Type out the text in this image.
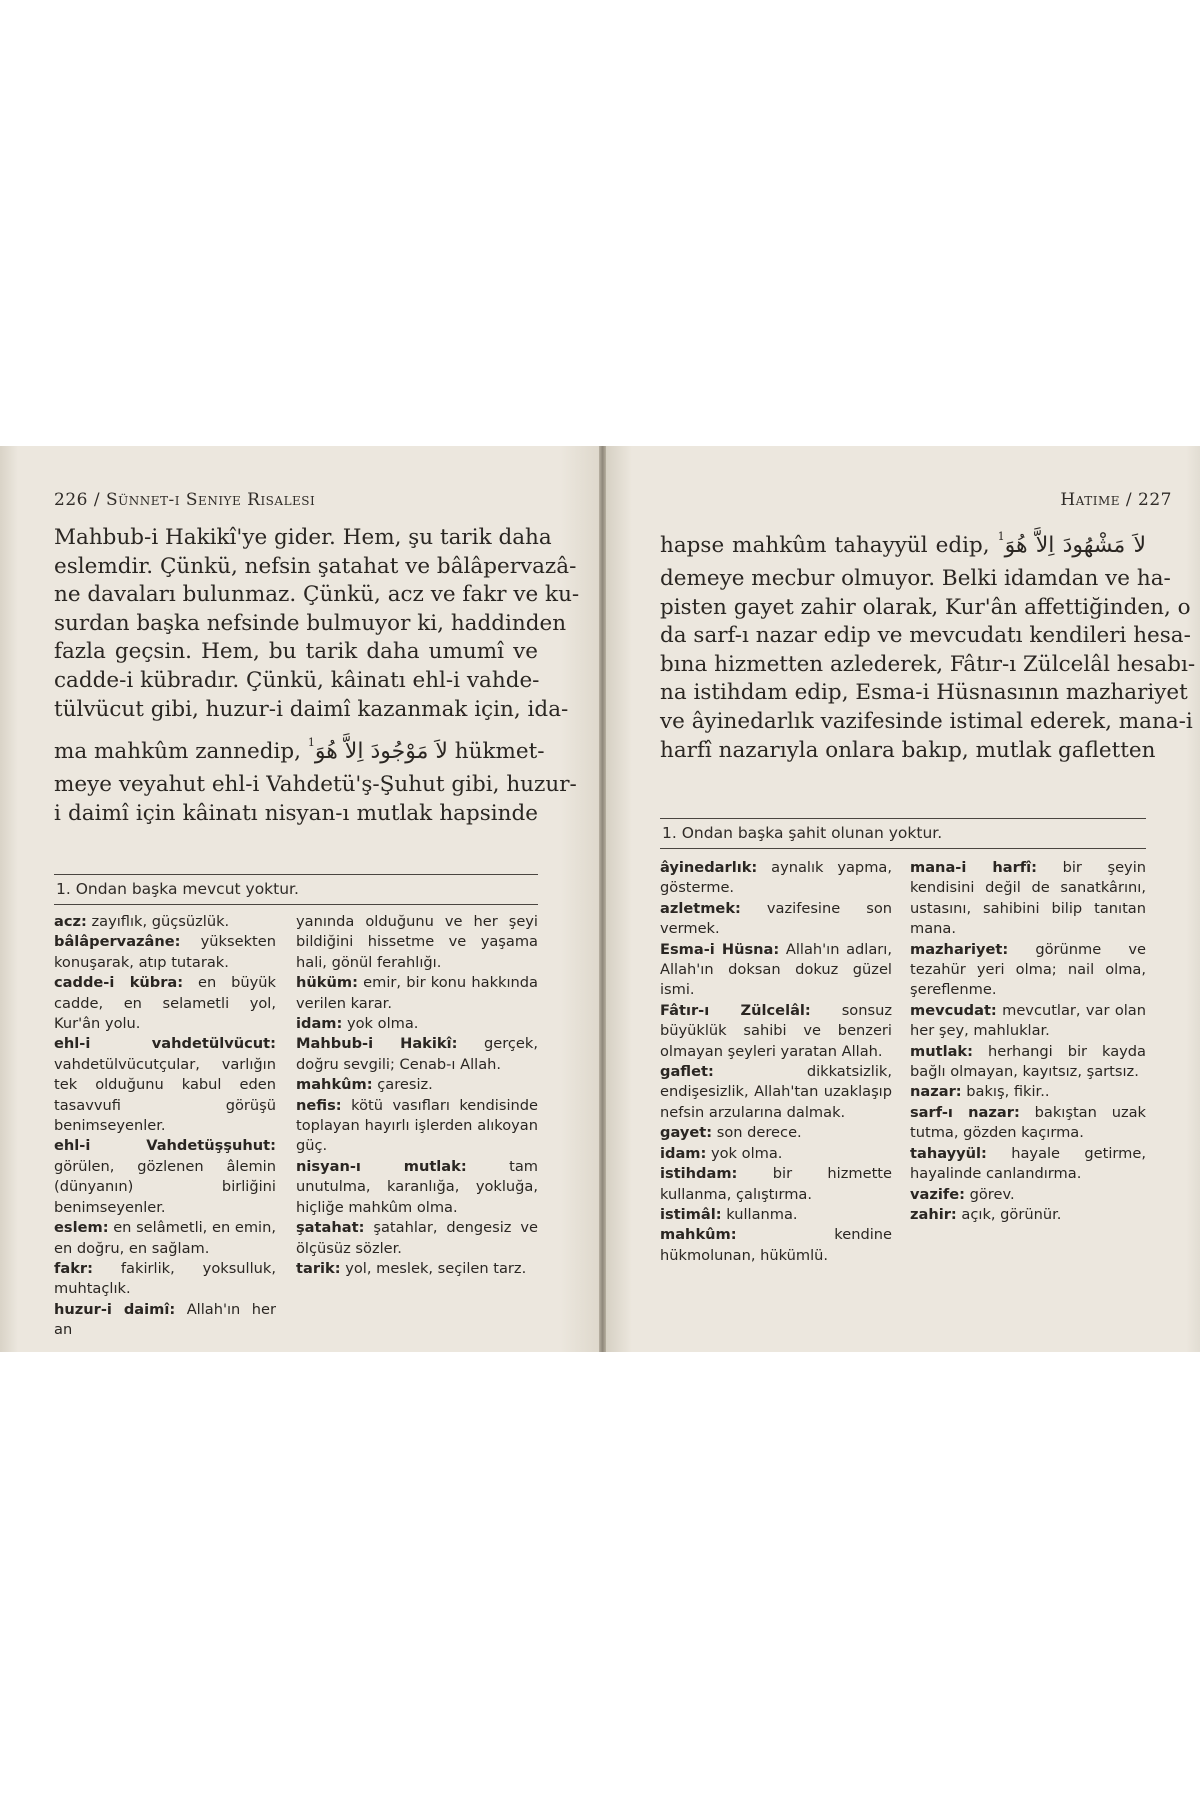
226 / Sünnet-i Seniye Risalesi
Mahbub-i Hakikî'ye gider. Hem, şu tarik daha
eslemdir. Çünkü, nefsin şatahat ve bâlâpervazâ-
ne davaları bulunmaz. Çünkü, acz ve fakr ve ku-
surdan başka nefsinde bulmuyor ki, haddinden
fazla geçsin. Hem, bu tarik daha umumî ve
cadde-i kübradır. Çünkü, kâinatı ehl-i vahde-
tülvücut gibi, huzur-i daimî kazanmak için, ida-
ma mahkûm zannedip, $^1$لاَ مَوْجُودَ اِلاَّ هُوَ hükmet-
meye veyahut ehl-i Vahdetü'ş-Şuhut gibi, huzur-
i daimî için kâinatı nisyan-ı mutlak hapsinde
1. Ondan başka mevcut yoktur.

acz: zayıflık, güçsüzlük.

bâlâpervazâne: yüksekten konuşarak, atıp tutarak.

cadde-i kübra: en büyük cadde, en selametli yol, Kur'ân yolu.

ehl-i vahdetülvücut: vahdetülvücutçular, varlığın tek olduğunu kabul eden tasavvufi görüşü benimseyenler.

ehl-i Vahdetüşşuhut: görülen, gözlenen âlemin (dünyanın) birliğini benimseyenler.

eslem: en selâmetli, en emin, en doğru, en sağlam.

fakr: fakirlik, yoksulluk, muhtaçlık.

huzur-i daimî: Allah'ın her an

yanında olduğunu ve her şeyi bildiğini hissetme ve yaşama hali, gönül ferahlığı.

hüküm: emir, bir konu hakkında verilen karar.

idam: yok olma.

Mahbub-i Hakikî: gerçek, doğru sevgili; Cenab-ı Allah.

mahkûm: çaresiz.

nefis: kötü vasıfları kendisinde toplayan hayırlı işlerden alıkoyan güç.

nisyan-ı mutlak:	tam unutulma, karanlığa, yokluğa, hiçliğe mahkûm olma.

şatahat: şatahlar, dengesiz ve ölçüsüz sözler.

tarik: yol, meslek, seçilen tarz.

Hatime / 227
hapse mahkûm tahayyül edip, $^1$لاَ مَشْهُودَ اِلاَّ هُوَ
demeye mecbur olmuyor. Belki idamdan ve ha-
pisten gayet zahir olarak, Kur'ân affettiğinden, o
da sarf-ı nazar edip ve mevcudatı kendileri hesa-
bına hizmetten azlederek, Fâtır-ı Zülcelâl hesabı-
na istihdam edip, Esma-i Hüsnasının mazhariyet
ve âyinedarlık vazifesinde istimal ederek, mana-i
harfî nazarıyla onlara bakıp, mutlak gafletten
1. Ondan başka şahit olunan yoktur.

âyinedarlık: aynalık yapma, gösterme.

azletmek: vazifesine son vermek.

Esma-i Hüsna: Allah'ın adları, Allah'ın doksan dokuz güzel ismi.

Fâtır-ı Zülcelâl: sonsuz büyüklük sahibi ve benzeri olmayan şeyleri yaratan Allah.

gaflet:	dikkatsizlik, endişesizlik, Allah'tan uzaklaşıp nefsin arzularına dalmak.

gayet: son derece.

idam: yok olma.

istihdam: bir hizmette kullanma, çalıştırma.

istimâl: kullanma.

mahkûm:	kendine hükmolunan, hükümlü.

mana-i harfî: bir şeyin kendisini değil de sanatkârını, ustasını, sahibini bilip tanıtan mana.

mazhariyet: görünme ve tezahür yeri olma; nail olma, şereflenme.

mevcudat: mevcutlar, var olan her şey, mahluklar.

mutlak: herhangi bir kayda bağlı olmayan, kayıtsız, şartsız.

nazar: bakış, fikir..

sarf-ı nazar: bakıştan uzak tutma, gözden kaçırma.

tahayyül: hayale getirme, hayalinde canlandırma.

vazife: görev.

zahir: açık, görünür.
